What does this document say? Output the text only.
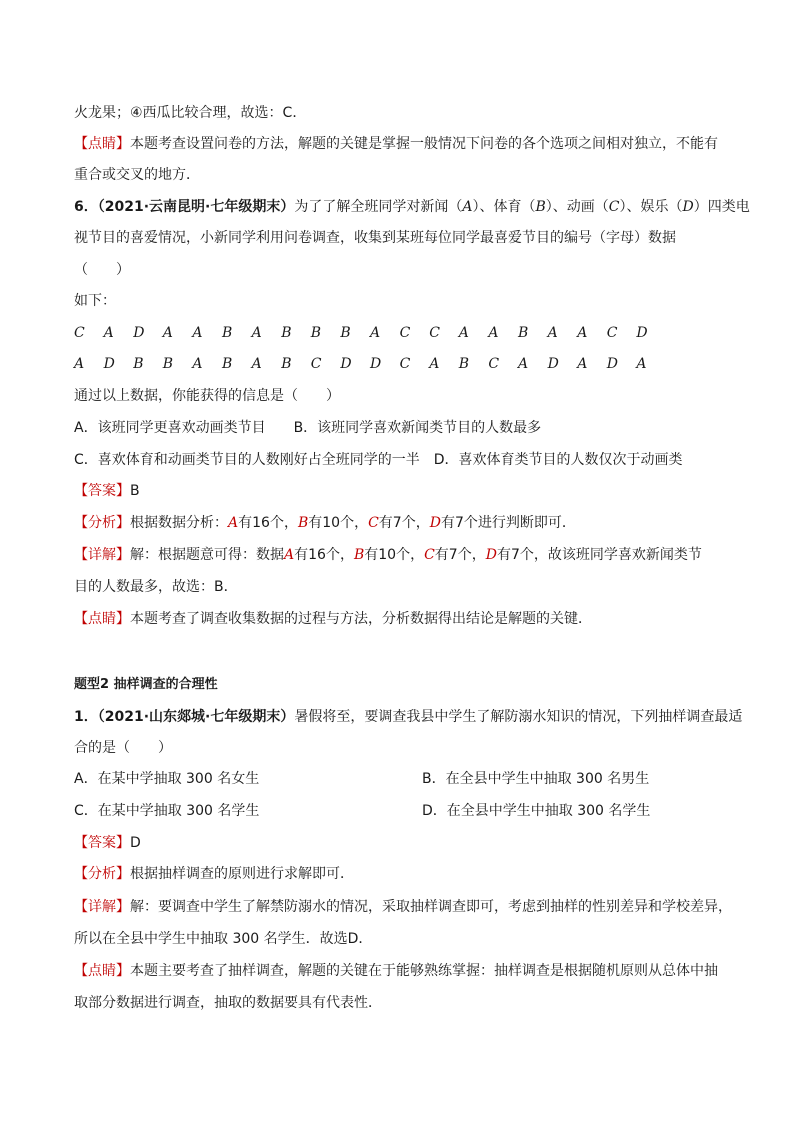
火龙果；④西瓜比较合理，故选：C．
【点睛】本题考查设置问卷的方法，解题的关键是掌握一般情况下问卷的各个选项之间相对独立，不能有
重合或交叉的地方．
6．（2021·云南昆明·七年级期末）为了了解全班同学对新闻（A）、体育（B）、动画（C）、娱乐（D）四类电
视节目的喜爱情况，小新同学利用问卷调查，收集到某班每位同学最喜爱节目的编号（字母）数据
（　　）
如下：
C A D A A B A B B B A C C A A B A A C D
A D B B A B A B C D D C A B C A D A D A
通过以上数据，你能获得的信息是（　　）
A．该班同学更喜欢动画类节目　　 B．该班同学喜欢新闻类节目的人数最多
C．喜欢体育和动画类节目的人数刚好占全班同学的一半　 D．喜欢体育类节目的人数仅次于动画类
【答案】B
【分析】根据数据分析：A有16个，B有10个，C有7个，D有7个进行判断即可．
【详解】解：根据题意可得：数据A有16个，B有10个，C有7个，D有7个，故该班同学喜欢新闻类节
目的人数最多，故选：B．
【点睛】本题考查了调查收集数据的过程与方法，分析数据得出结论是解题的关键．
题型2 抽样调查的合理性
1．（2021·山东郯城·七年级期末）暑假将至，要调查我县中学生了解防溺水知识的情况，下列抽样调查最适
合的是（　　）
A．在某中学抽取 300 名女生	B．在全县中学生中抽取 300 名男生
C．在某中学抽取 300 名学生	D．在全县中学生中抽取 300 名学生
【答案】D
【分析】根据抽样调查的原则进行求解即可．
【详解】解：要调查中学生了解禁防溺水的情况，采取抽样调查即可，考虑到抽样的性别差异和学校差异，
所以在全县中学生中抽取 300 名学生．故选D．
【点睛】本题主要考查了抽样调查，解题的关键在于能够熟练掌握：抽样调查是根据随机原则从总体中抽
取部分数据进行调查，抽取的数据要具有代表性．
